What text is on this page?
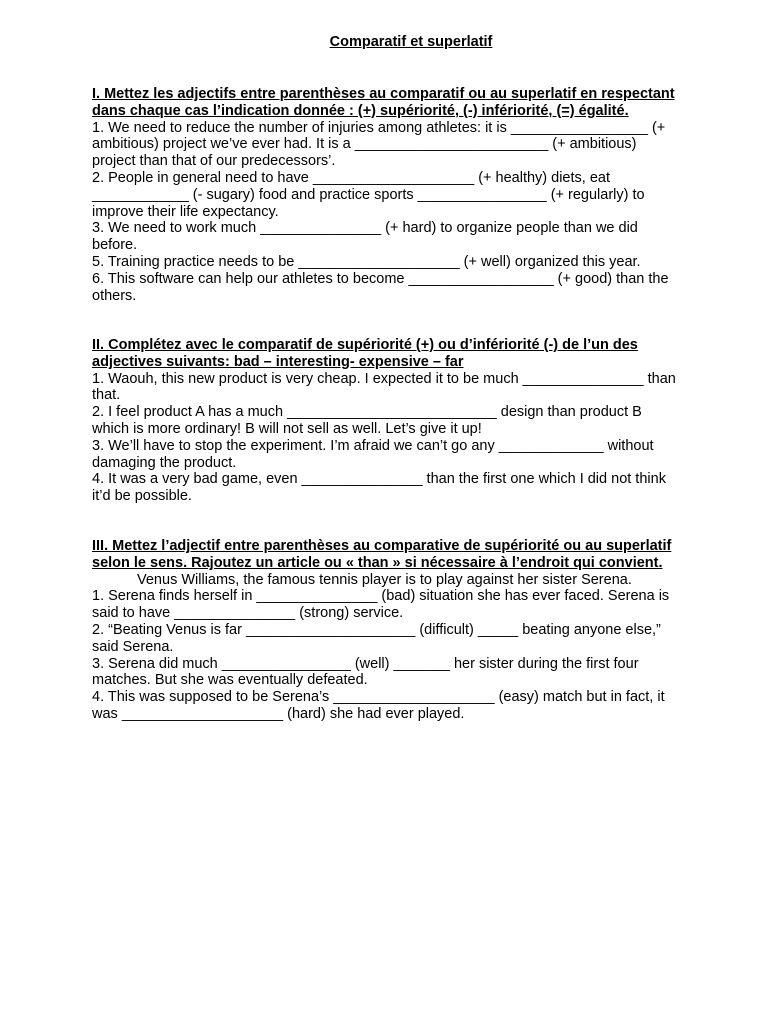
Comparatif et superlatif
I. Mettez les adjectifs entre parenthèses au comparatif ou au superlatif en respectant
dans chaque cas l’indication donnée : (+) supériorité, (-) infériorité, (=) égalité.
1. We need to reduce the number of injuries among athletes: it is _________________ (+
ambitious) project we’ve ever had. It is a ________________________ (+ ambitious)
project than that of our predecessors’.
2. People in general need to have ____________________ (+ healthy) diets, eat
____________ (- sugary) food and practice sports ________________ (+ regularly) to
improve their life expectancy.
3. We need to work much _______________ (+ hard) to organize people than we did
before.
5. Training practice needs to be ____________________ (+ well) organized this year.
6. This software can help our athletes to become __________________ (+ good) than the
others.
II. Complétez avec le comparatif de supériorité (+) ou d’infériorité (-) de l’un des
adjectives suivants: bad – interesting- expensive – far
1. Waouh, this new product is very cheap. I expected it to be much _______________ than
that.
2. I feel product A has a much __________________________ design than product B
which is more ordinary! B will not sell as well. Let’s give it up!
3. We’ll have to stop the experiment. I’m afraid we can’t go any _____________ without
damaging the product.
4. It was a very bad game, even _______________ than the first one which I did not think
it’d be possible.
III. Mettez l’adjectif entre parenthèses au comparative de supériorité ou au superlatif
selon le sens. Rajoutez un article ou « than » si nécessaire à l’endroit qui convient.
Venus Williams, the famous tennis player is to play against her sister Serena.
1. Serena finds herself in _______________ (bad) situation she has ever faced. Serena is
said to have _______________ (strong) service.
2. “Beating Venus is far _____________________ (difficult) _____ beating anyone else,”
said Serena.
3. Serena did much ________________ (well) _______ her sister during the first four
matches. But she was eventually defeated.
4. This was supposed to be Serena’s ____________________ (easy) match but in fact, it
was ____________________ (hard) she had ever played.
